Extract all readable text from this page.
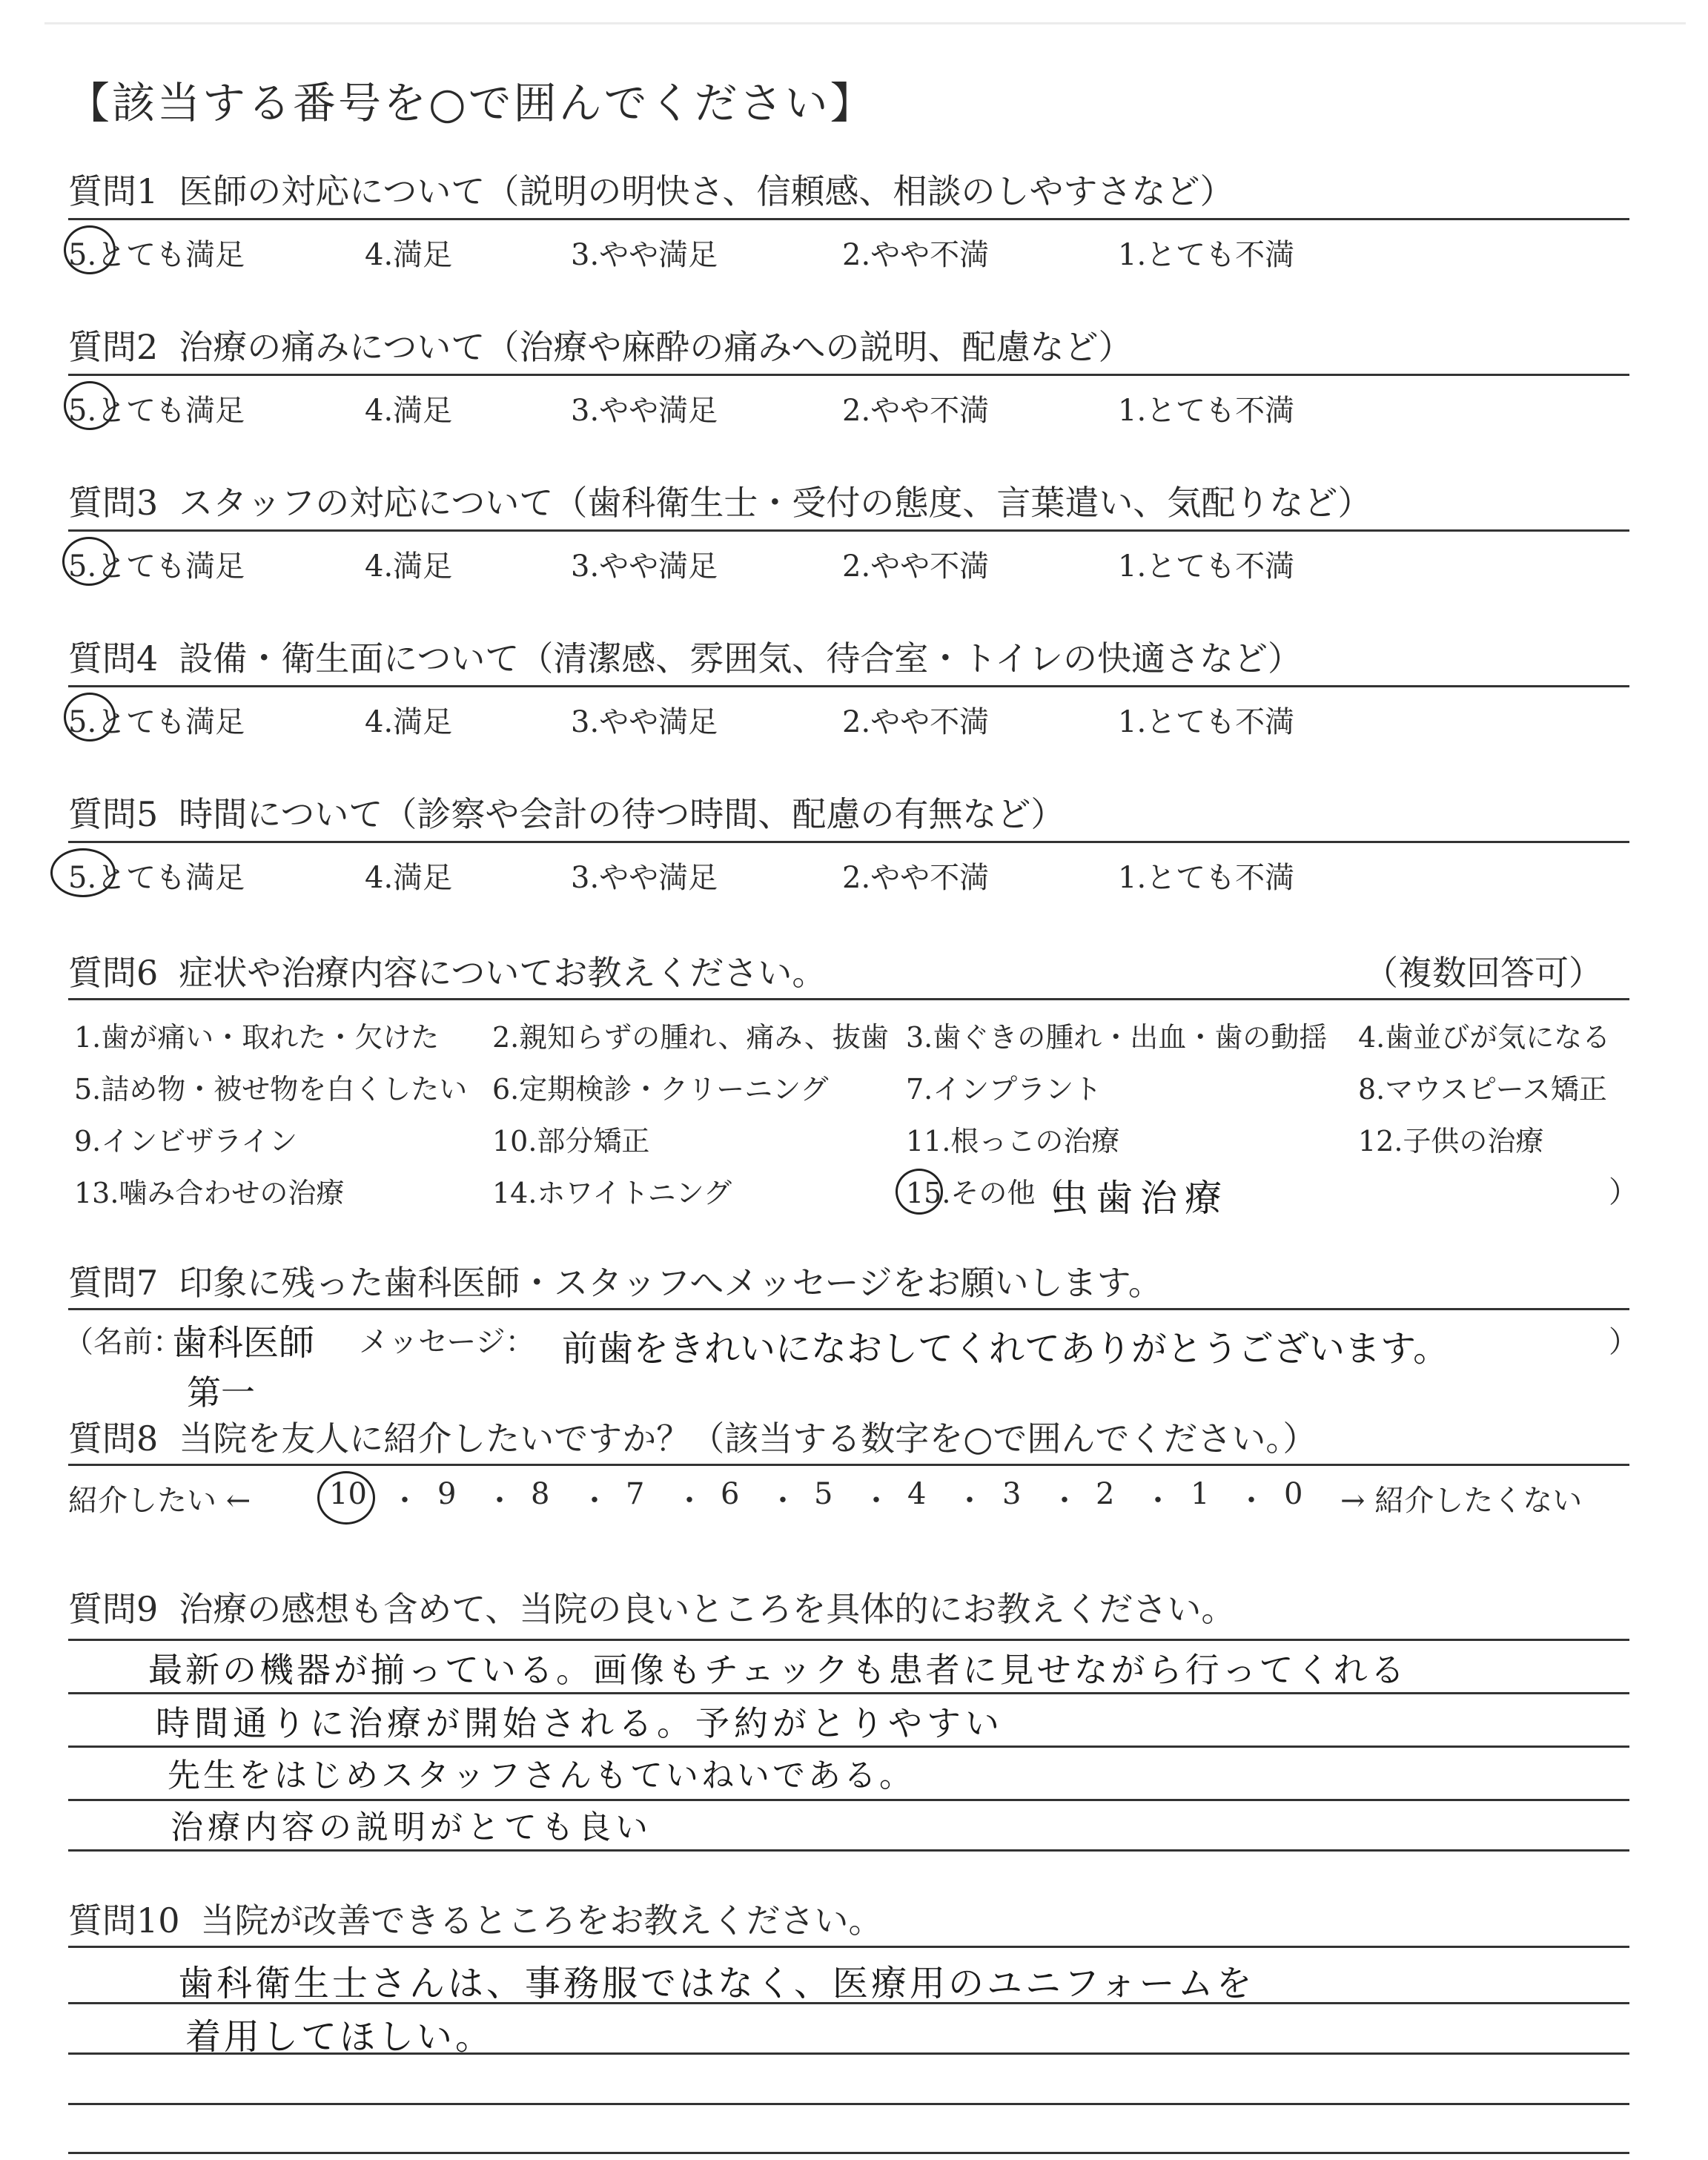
【該当する番号を○で囲んでください】
質問1 医師の対応について（説明の明快さ、信頼感、相談のしやすさなど）
5.とても満足	4.満足	3.やや満足	2.やや不満	1.とても不満
質問2 治療の痛みについて（治療や麻酔の痛みへの説明、配慮など）
5.とても満足	4.満足	3.やや満足	2.やや不満	1.とても不満
質問3 スタッフの対応について（歯科衛生士・受付の態度、言葉遣い、気配りなど）
5.とても満足	4.満足	3.やや満足	2.やや不満	1.とても不満
質問4 設備・衛生面について（清潔感、雰囲気、待合室・トイレの快適さなど）
5.とても満足	4.満足	3.やや満足	2.やや不満	1.とても不満
質問5 時間について（診察や会計の待つ時間、配慮の有無など）
5.とても満足	4.満足	3.やや満足	2.やや不満	1.とても不満
質問6 症状や治療内容についてお教えください。	（複数回答可）
1.歯が痛い・取れた・欠けた 2.親知らずの腫れ、痛み、抜歯 3.歯ぐきの腫れ・出血・歯の動揺 4.歯並びが気になる
5.詰め物・被せ物を白くしたい 6.定期検診・クリーニング	7.インプラント	8.マウスピース矯正
9.インビザライン	10.部分矯正	11.根っこの治療	12.子供の治療
13.噛み合わせの治療	14.ホワイトニング	15.その他（
虫歯治療	）
質問7 印象に残った歯科医師・スタッフへメッセージをお願いします。
（名前：
歯科医師
第一
メッセージ： 前歯をきれいになおしてくれてありがとうございます。	）
質問8 当院を友人に紹介したいですか？（該当する数字を○で囲んでください。）
紹介したい ←	10 ・ 9 ・ 8 ・ 7 ・ 6 ・ 5 ・ 4 ・ 3 ・ 2 ・ 1 ・ 0 → 紹介したくない
質問9 治療の感想も含めて、当院の良いところを具体的にお教えください。
最新の機器が揃っている。画像もチェックも患者に見せながら行ってくれる
時間通りに治療が開始される。予約がとりやすい
先生をはじめスタッフさんもていねいである。
治療内容の説明がとても良い
質問10 当院が改善できるところをお教えください。
歯科衛生士さんは、事務服ではなく、医療用のユニフォームを
着用してほしい。
